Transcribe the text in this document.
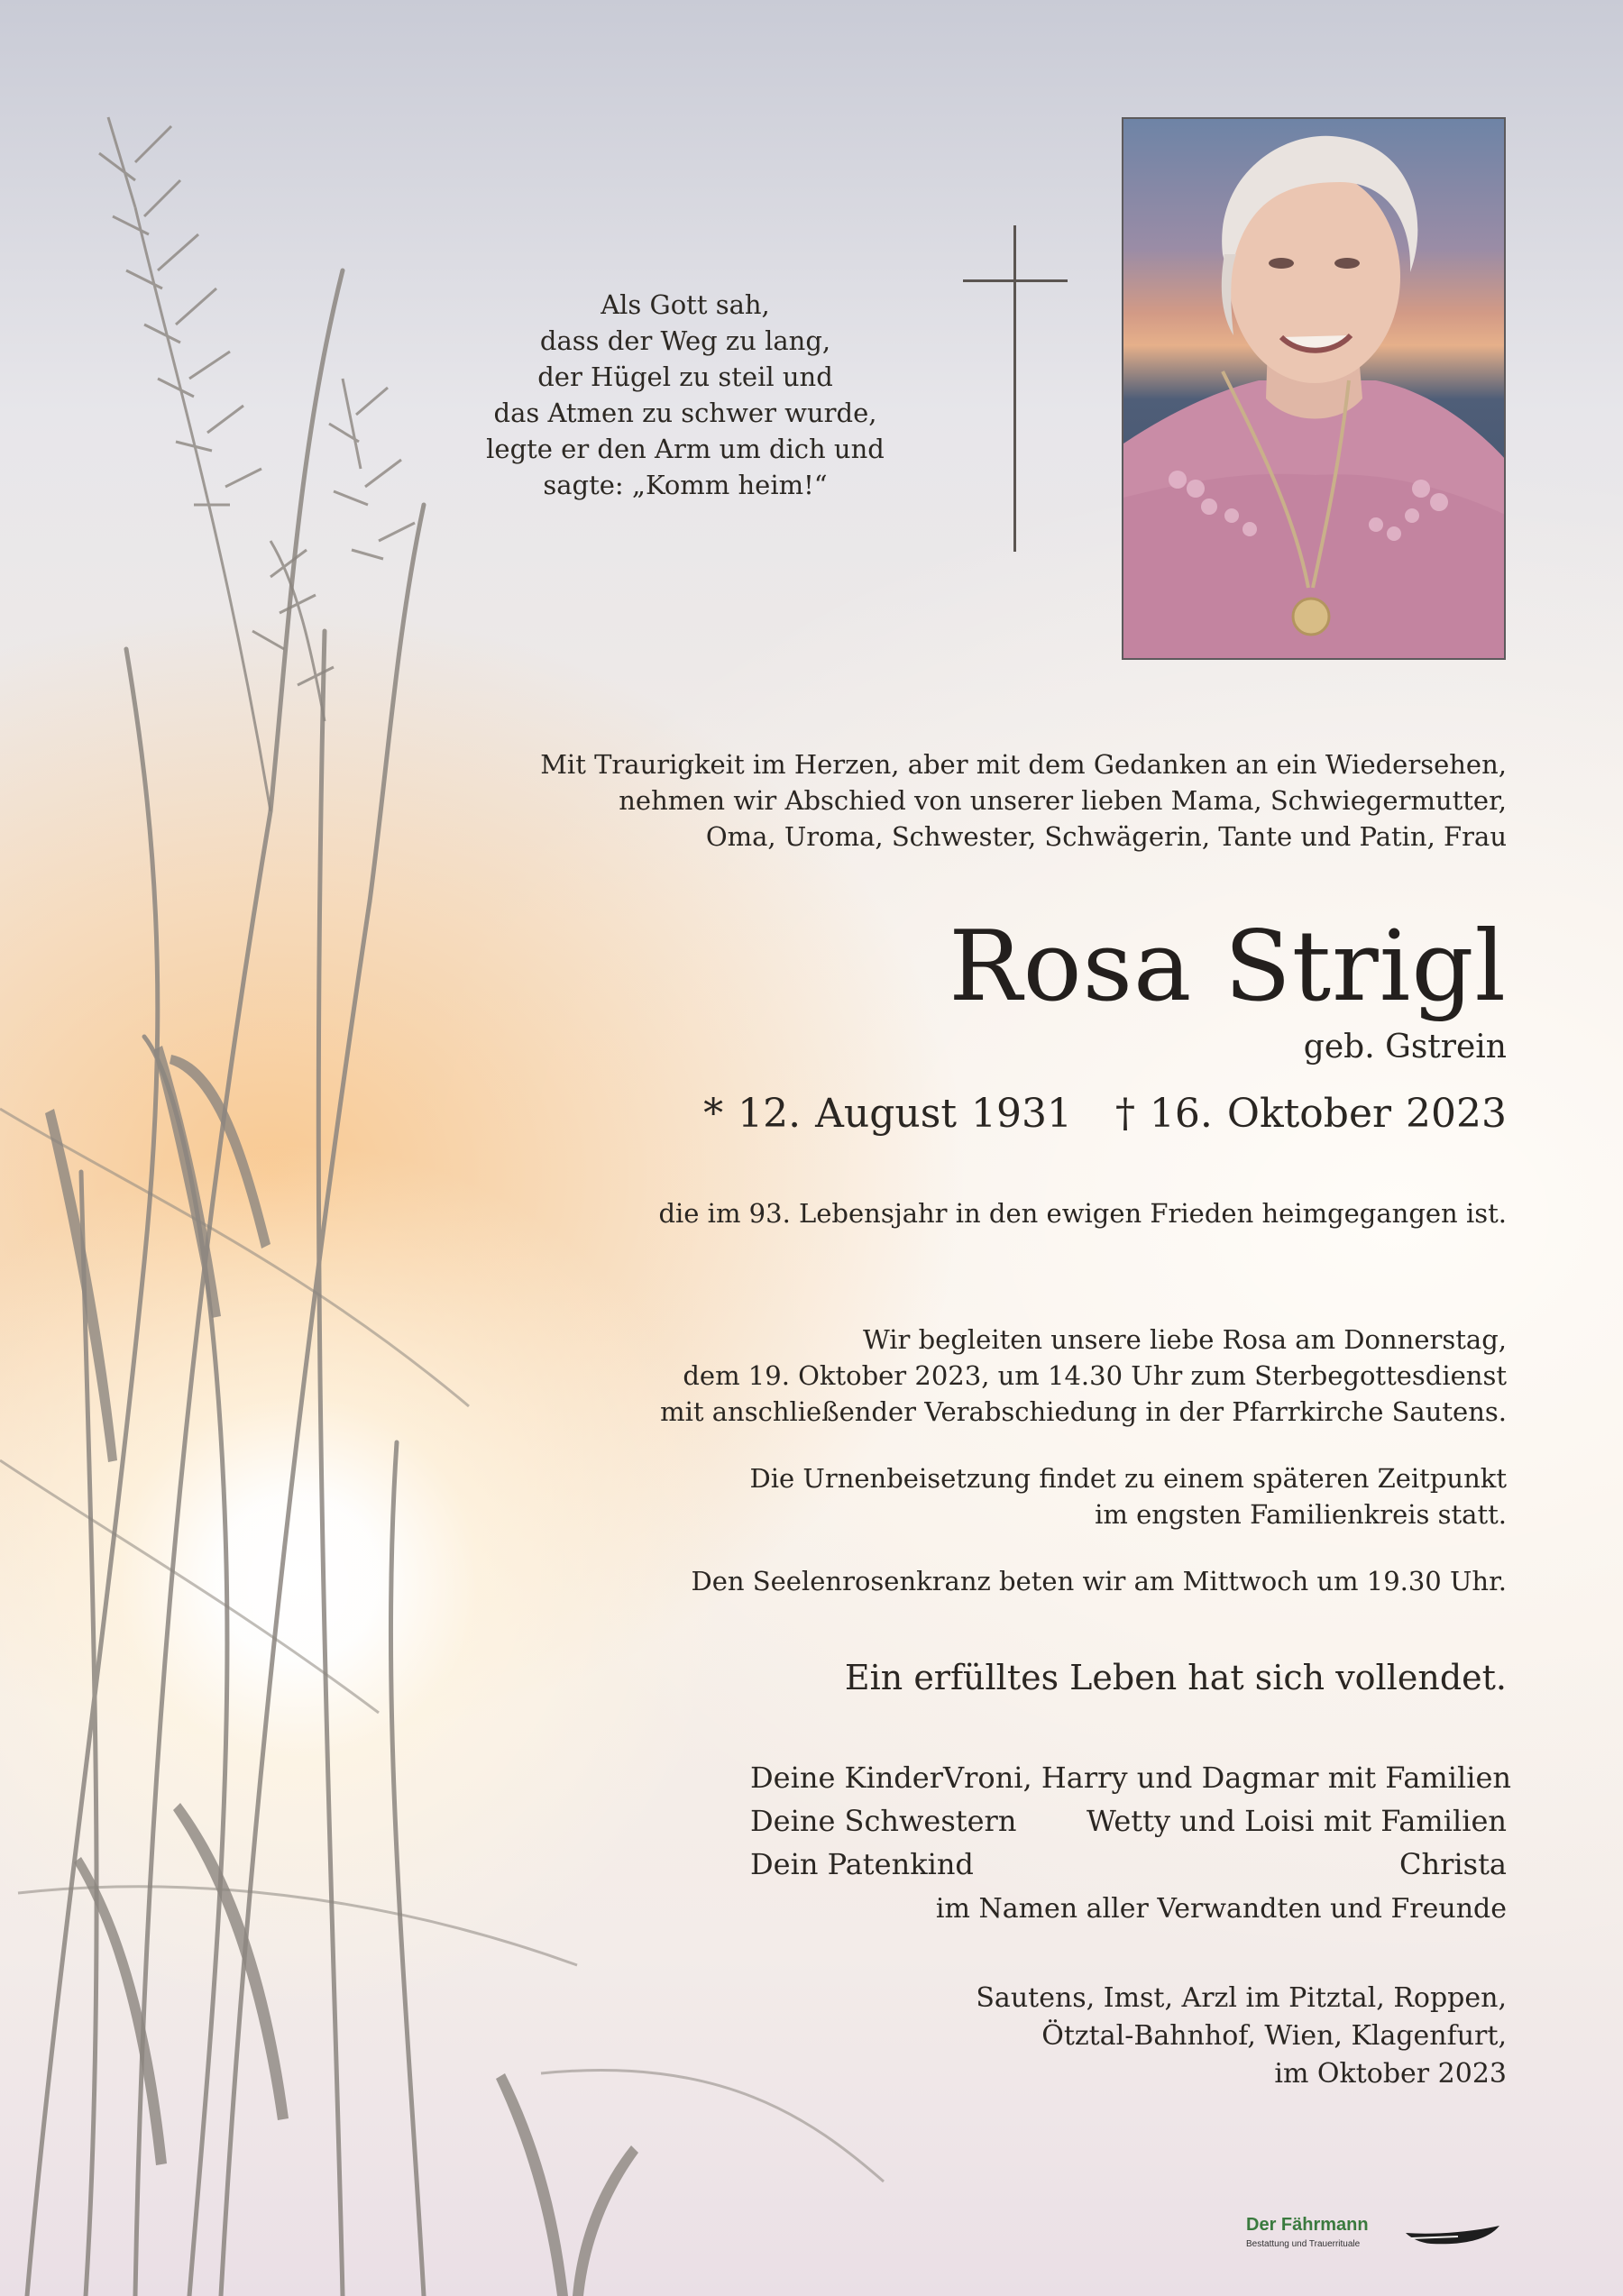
Als Gott sah,
dass der Weg zu lang,
der Hügel zu steil und
das Atmen zu schwer wurde,
legte er den Arm um dich und
sagte: „Komm heim!“
Mit Traurigkeit im Herzen, aber mit dem Gedanken an ein Wiedersehen,
nehmen wir Abschied von unserer lieben Mama, Schwiegermutter,
Oma, Uroma, Schwester, Schwägerin, Tante und Patin, Frau
Rosa Strigl
geb. Gstrein
* 12. August 1931 † 16. Oktober 2023
die im 93. Lebensjahr in den ewigen Frieden heimgegangen ist.
Wir begleiten unsere liebe Rosa am Donnerstag,
dem 19. Oktober 2023, um 14.30 Uhr zum Sterbegottesdienst
mit anschließender Verabschiedung in der Pfarrkirche Sautens.
Die Urnenbeisetzung findet zu einem späteren Zeitpunkt
im engsten Familienkreis statt.
Den Seelenrosenkranz beten wir am Mittwoch um 19.30 Uhr.
Ein erfülltes Leben hat sich vollendet.
Deine Kinder Vroni, Harry und Dagmar mit Familien
Deine Schwestern Wetty und Loisi mit Familien
Dein Patenkind	Christa
im Namen aller Verwandten und Freunde
Sautens, Imst, Arzl im Pitztal, Roppen,
Ötztal-Bahnhof, Wien, Klagenfurt,
im Oktober 2023
Der Fährmann
Bestattung und Trauerrituale
